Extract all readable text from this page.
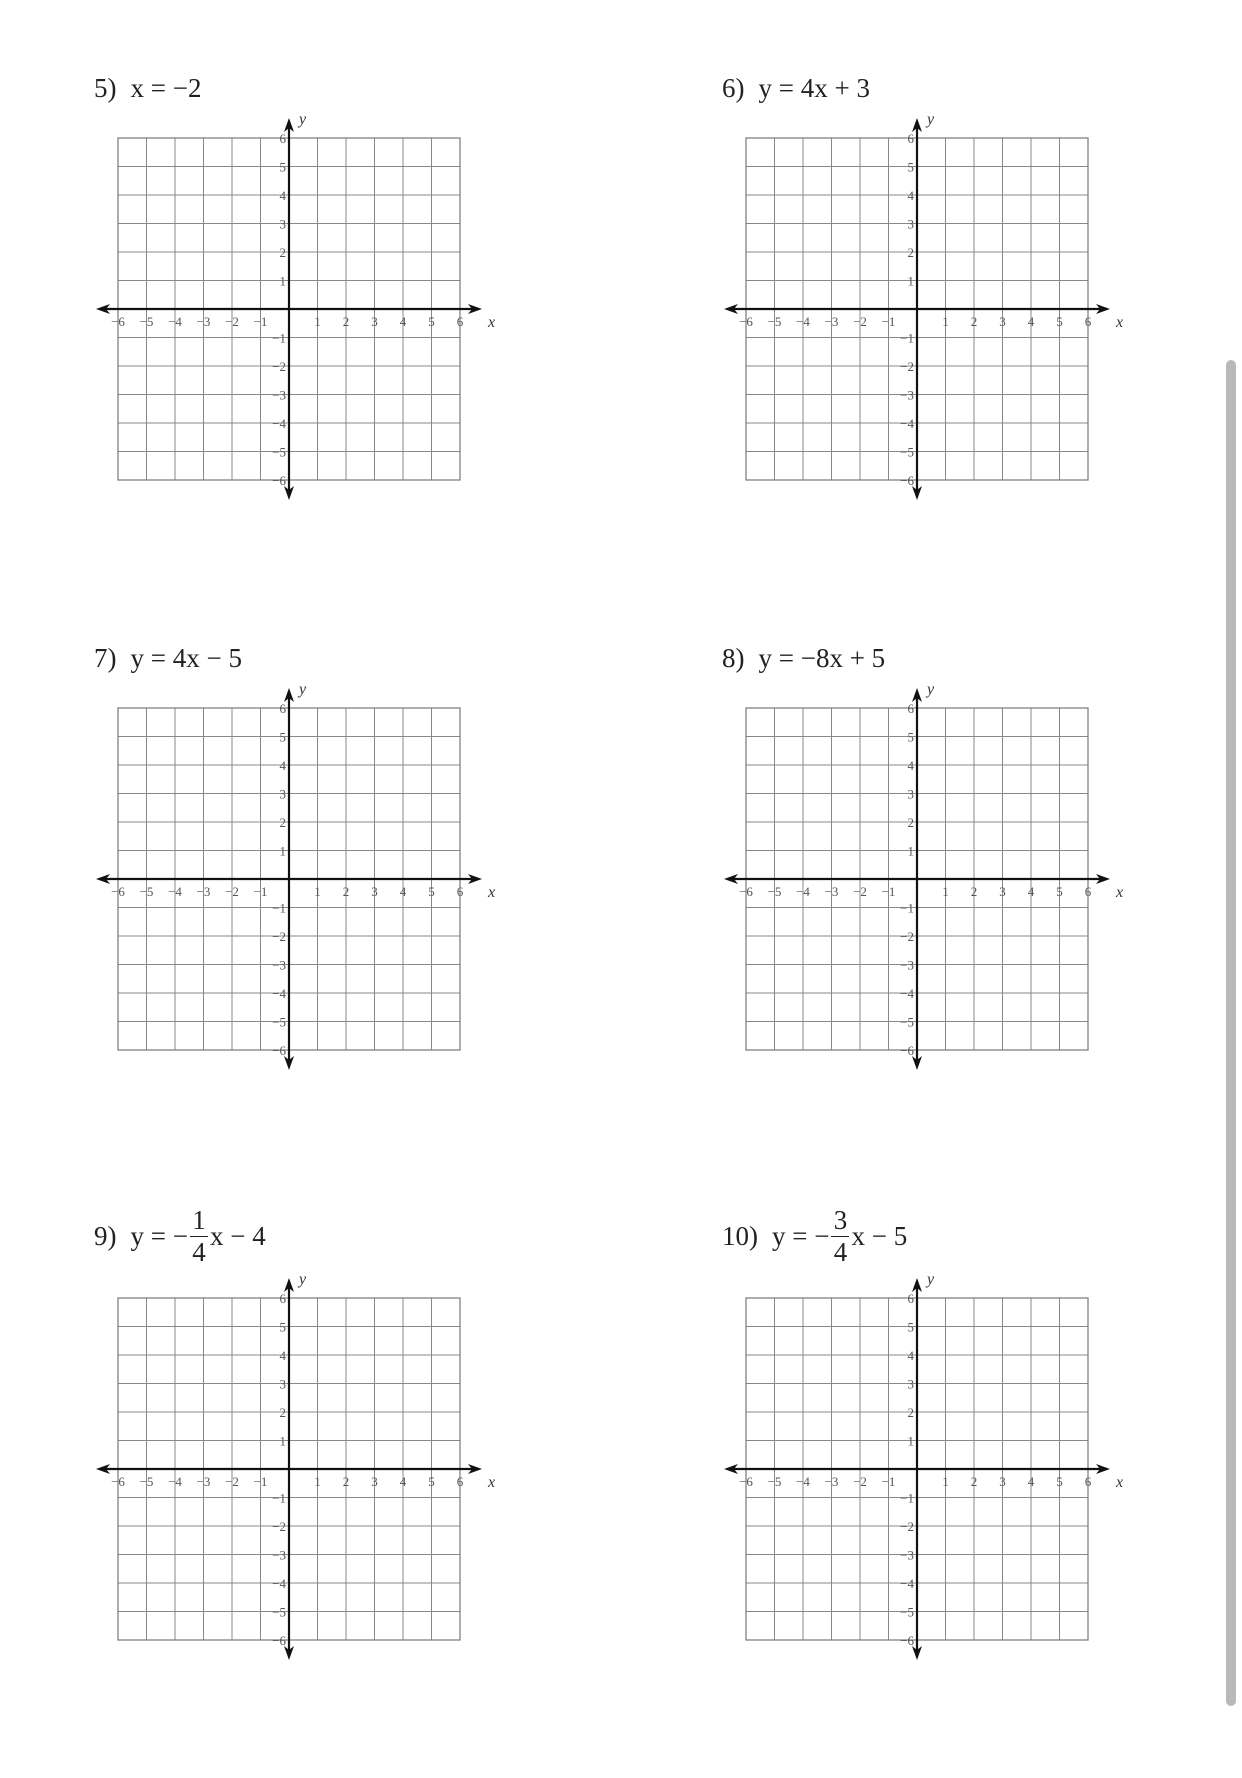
5) x = −2
x
y
−6 −5 −4 −3 −2 −1	1 2 3 4 5 6
6
5
4
3
2
1
−1
−2
−3
−4
−5
−6
6) y = 4x + 3
x
y
−6 −5 −4 −3 −2 −1	1 2 3 4 5 6
6
5
4
3
2
1
−1
−2
−3
−4
−5
−6
7) y = 4x − 5
x
y
−6 −5 −4 −3 −2 −1	1 2 3 4 5 6
6
5
4
3
2
1
−1
−2
−3
−4
−5
−6
8) y = −8x + 5
x
y
−6 −5 −4 −3 −2 −1	1 2 3 4 5 6
6
5
4
3
2
1
−1
−2
−3
−4
−5
−6
9) y = − $\frac{1}{4}$ x − 4
x
y
−6 −5 −4 −3 −2 −1	1 2 3 4 5 6
6
5
4
3
2
1
−1
−2
−3
−4
−5
−6
10) y = − $\frac{3}{4}$ x − 5
x
y
−6 −5 −4 −3 −2 −1	1 2 3 4 5 6
6
5
4
3
2
1
−1
−2
−3
−4
−5
−6
